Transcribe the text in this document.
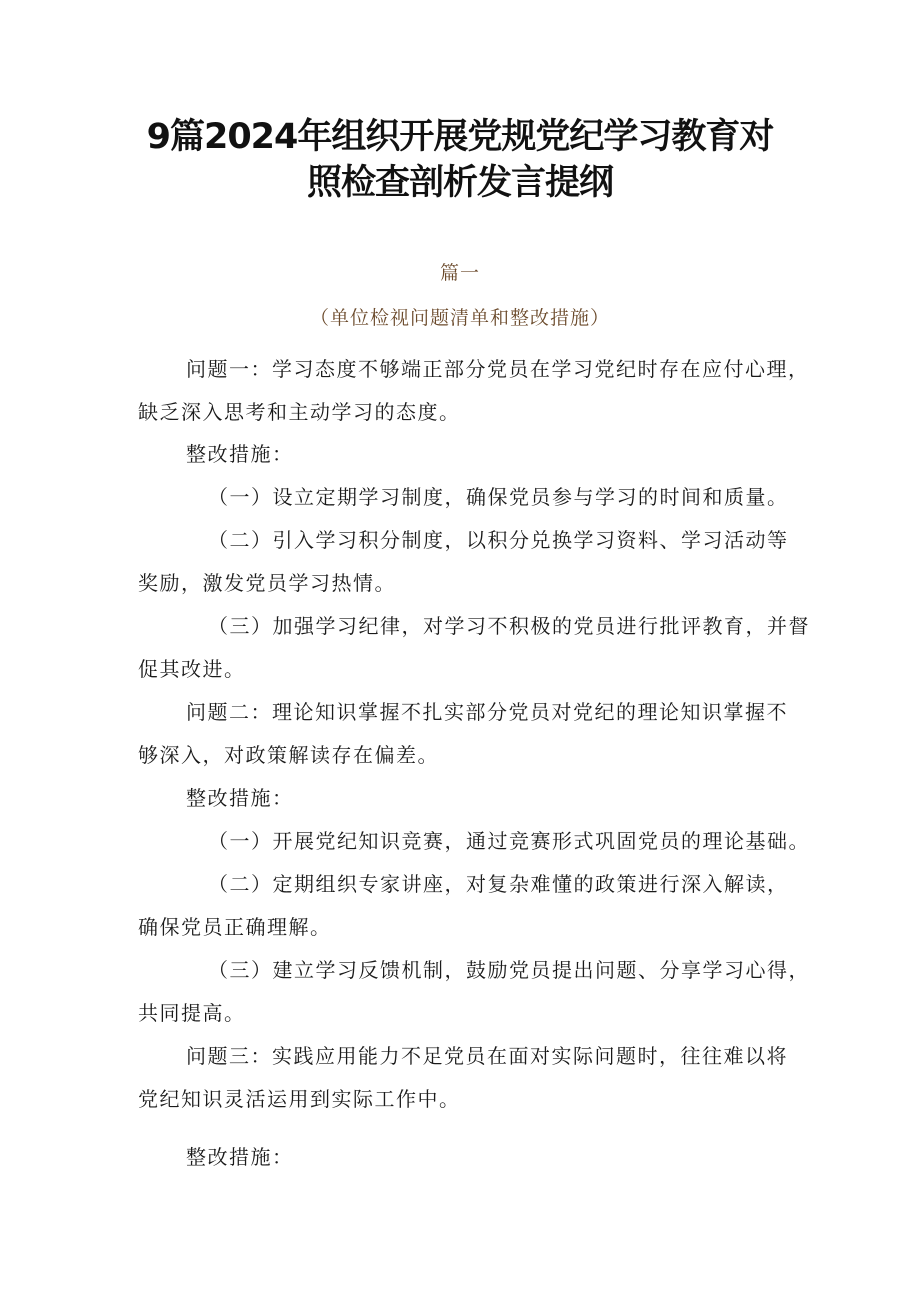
9篇2024年组织开展党规党纪学习教育对
照检查剖析发言提纲
篇一
（单位检视问题清单和整改措施）
问题一：学习态度不够端正部分党员在学习党纪时存在应付心理，
缺乏深入思考和主动学习的态度。
整改措施：
（一）设立定期学习制度，确保党员参与学习的时间和质量。
（二）引入学习积分制度，以积分兑换学习资料、学习活动等
奖励，激发党员学习热情。
（三）加强学习纪律，对学习不积极的党员进行批评教育，并督
促其改进。
问题二：理论知识掌握不扎实部分党员对党纪的理论知识掌握不
够深入，对政策解读存在偏差。
整改措施：
（一）开展党纪知识竞赛，通过竞赛形式巩固党员的理论基础。
（二）定期组织专家讲座，对复杂难懂的政策进行深入解读，
确保党员正确理解。
（三）建立学习反馈机制，鼓励党员提出问题、分享学习心得，
共同提高。
问题三：实践应用能力不足党员在面对实际问题时，往往难以将
党纪知识灵活运用到实际工作中。
整改措施：
